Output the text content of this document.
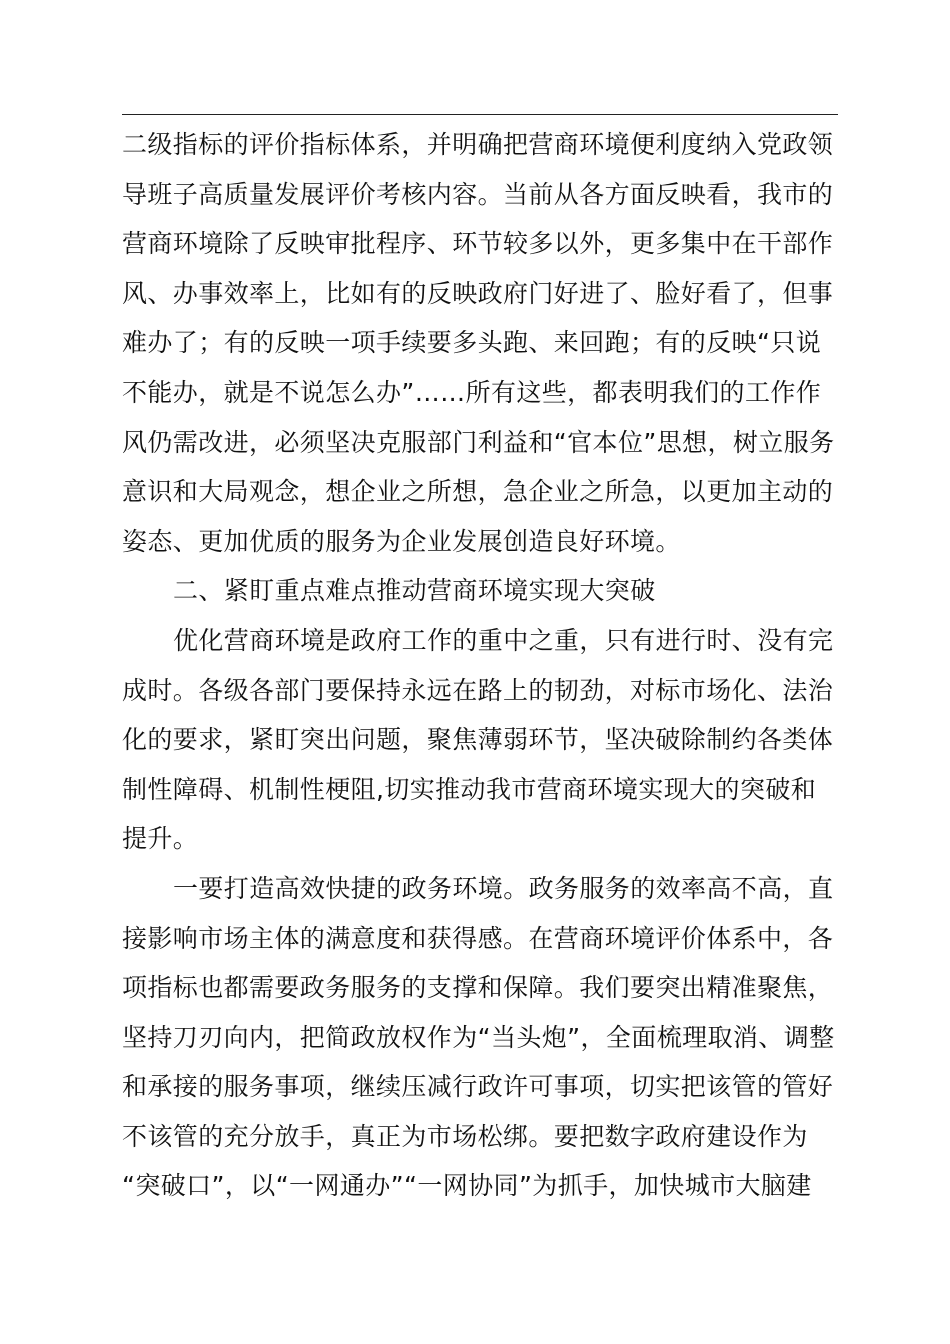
二级指标的评价指标体系，并明确把营商环境便利度纳入党政领
导班子高质量发展评价考核内容。当前从各方面反映看，我市的
营商环境除了反映审批程序、环节较多以外，更多集中在干部作
风、办事效率上，比如有的反映政府门好进了、脸好看了，但事
难办了；有的反映一项手续要多头跑、来回跑；有的反映“只说
不能办，就是不说怎么办”……所有这些，都表明我们的工作作
风仍需改进，必须坚决克服部门利益和“官本位”思想，树立服务
意识和大局观念，想企业之所想，急企业之所急，以更加主动的
姿态、更加优质的服务为企业发展创造良好环境。
二、紧盯重点难点推动营商环境实现大突破
优化营商环境是政府工作的重中之重，只有进行时、没有完
成时。各级各部门要保持永远在路上的韧劲，对标市场化、法治
化的要求，紧盯突出问题，聚焦薄弱环节，坚决破除制约各类体
制性障碍、机制性梗阻,切实推动我市营商环境实现大的突破和
提升。
一要打造高效快捷的政务环境。政务服务的效率高不高，直
接影响市场主体的满意度和获得感。在营商环境评价体系中，各
项指标也都需要政务服务的支撑和保障。我们要突出精准聚焦，
坚持刀刃向内，把简政放权作为“当头炮”，全面梳理取消、调整
和承接的服务事项，继续压减行政许可事项，切实把该管的管好
不该管的充分放手，真正为市场松绑。要把数字政府建设作为
“突破口”，以“一网通办”“一网协同”为抓手，加快城市大脑建
